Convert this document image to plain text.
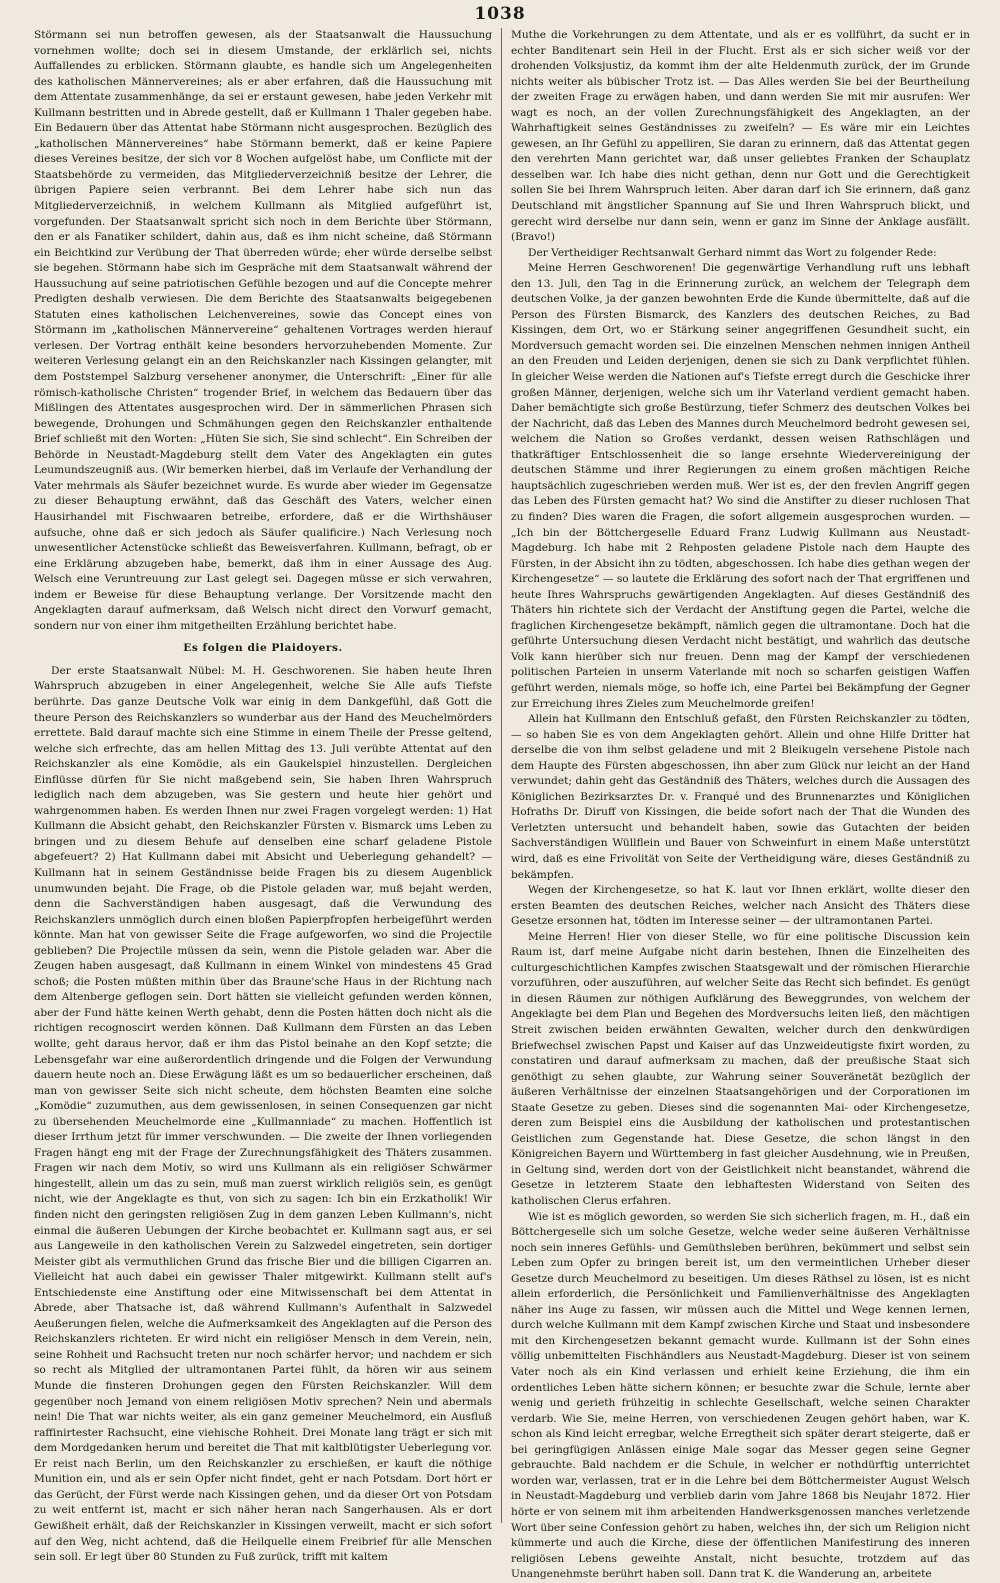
1038

Störmann sei nun betroffen gewesen, als der Staatsanwalt die Haussuchung vornehmen wollte; doch sei in diesem Umstande, der erklärlich sei, nichts Auffallendes zu erblicken. Störmann glaubte, es handle sich um Angelegenheiten des katholischen Männervereines; als er aber erfahren, daß die Haussuchung mit dem Attentate zusammenhänge, da sei er erstaunt gewesen, habe jeden Verkehr mit Kullmann bestritten und in Abrede gestellt, daß er Kullmann 1 Thaler gegeben habe. Ein Bedauern über das Attentat habe Störmann nicht ausgesprochen. Bezüglich des „katholischen Männervereines“ habe Störmann bemerkt, daß er keine Papiere dieses Vereines besitze, der sich vor 8 Wochen aufgelöst habe, um Conflicte mit der Staatsbehörde zu vermeiden, das Mitgliederverzeichniß besitze der Lehrer, die übrigen Papiere seien verbrannt. Bei dem Lehrer habe sich nun das Mitgliederverzeichniß, in welchem Kullmann als Mitglied aufgeführt ist, vorgefunden. Der Staatsanwalt spricht sich noch in dem Berichte über Störmann, den er als Fanatiker schildert, dahin aus, daß es ihm nicht scheine, daß Störmann ein Beichtkind zur Verübung der That überreden würde; eher würde derselbe selbst sie begehen. Störmann habe sich im Gespräche mit dem Staatsanwalt während der Haussuchung auf seine patriotischen Gefühle bezogen und auf die Concepte mehrer Predigten deshalb verwiesen. Die dem Berichte des Staatsanwalts beigegebenen Statuten eines katholischen Leichenvereines, sowie das Concept eines von Störmann im „katholischen Männervereine“ gehaltenen Vortrages werden hierauf verlesen. Der Vortrag enthält keine besonders hervorzuhebenden Momente. Zur weiteren Verlesung gelangt ein an den Reichskanzler nach Kissingen gelangter, mit dem Poststempel Salzburg versehener anonymer, die Unterschrift: „Einer für alle römisch-katholische Christen“ trogender Brief, in welchem das Bedauern über das Mißlingen des Attentates ausgesprochen wird. Der in sämmerlichen Phrasen sich bewegende, Drohungen und Schmähungen gegen den Reichskanzler enthaltende Brief schließt mit den Worten: „Hüten Sie sich, Sie sind schlecht“. Ein Schreiben der Behörde in Neustadt-Magdeburg stellt dem Vater des Angeklagten ein gutes Leumundszeugniß aus. (Wir bemerken hierbei, daß im Verlaufe der Verhandlung der Vater mehrmals als Säufer bezeichnet wurde. Es wurde aber wieder im Gegensatze zu dieser Behauptung erwähnt, daß das Geschäft des Vaters, welcher einen Hausirhandel mit Fischwaaren betreibe, erfordere, daß er die Wirthshäuser aufsuche, ohne daß er sich jedoch als Säufer qualificire.) Nach Verlesung noch unwesentlicher Actenstücke schließt das Beweisverfahren. Kullmann, befragt, ob er eine Erklärung abzugeben habe, bemerkt, daß ihm in einer Aussage des Aug. Welsch eine Veruntreuung zur Last gelegt sei. Dagegen müsse er sich verwahren, indem er Beweise für diese Behauptung verlange. Der Vorsitzende macht den Angeklagten darauf aufmerksam, daß Welsch nicht direct den Vorwurf gemacht, sondern nur von einer ihm mitgetheilten Erzählung berichtet habe.

Es folgen die Plaidoyers.

Der erste Staatsanwalt Nübel: M. H. Geschworenen. Sie haben heute Ihren Wahrspruch abzugeben in einer Angelegenheit, welche Sie Alle aufs Tiefste berührte. Das ganze Deutsche Volk war einig in dem Dankgefühl, daß Gott die theure Person des Reichskanzlers so wunderbar aus der Hand des Meuchelmörders errettete. Bald darauf machte sich eine Stimme in einem Theile der Presse geltend, welche sich erfrechte, das am hellen Mittag des 13. Juli verübte Attentat auf den Reichskanzler als eine Komödie, als ein Gaukelspiel hinzustellen. Dergleichen Einflüsse dürfen für Sie nicht maßgebend sein, Sie haben Ihren Wahrspruch lediglich nach dem abzugeben, was Sie gestern und heute hier gehört und wahrgenommen haben. Es werden Ihnen nur zwei Fragen vorgelegt werden: 1) Hat Kullmann die Absicht gehabt, den Reichskanzler Fürsten v. Bismarck ums Leben zu bringen und zu diesem Behufe auf denselben eine scharf geladene Pistole abgefeuert? 2) Hat Kullmann dabei mit Absicht und Ueberlegung gehandelt? — Kullmann hat in seinem Geständnisse beide Fragen bis zu diesem Augenblick unumwunden bejaht. Die Frage, ob die Pistole geladen war, muß bejaht werden, denn die Sachverständigen haben ausgesagt, daß die Verwundung des Reichskanzlers unmöglich durch einen bloßen Papierpfropfen herbeigeführt werden könnte. Man hat von gewisser Seite die Frage aufgeworfen, wo sind die Projectile geblieben? Die Projectile müssen da sein, wenn die Pistole geladen war. Aber die Zeugen haben ausgesagt, daß Kullmann in einem Winkel von mindestens 45 Grad schoß; die Posten müßten mithin über das Braune'sche Haus in der Richtung nach dem Altenberge geflogen sein. Dort hätten sie vielleicht gefunden werden können, aber der Fund hätte keinen Werth gehabt, denn die Posten hätten doch nicht als die richtigen recognoscirt werden können. Daß Kullmann dem Fürsten an das Leben wollte, geht daraus hervor, daß er ihm das Pistol beinahe an den Kopf setzte; die Lebensgefahr war eine außerordentlich dringende und die Folgen der Verwundung dauern heute noch an. Diese Erwägung läßt es um so bedauerlicher erscheinen, daß man von gewisser Seite sich nicht scheute, dem höchsten Beamten eine solche „Komödie“ zuzumuthen, aus dem gewissenlosen, in seinen Consequenzen gar nicht zu übersehenden Meuchelmorde eine „Kullmanniade“ zu machen. Hoffentlich ist dieser Irrthum jetzt für immer verschwunden. — Die zweite der Ihnen vorliegenden Fragen hängt eng mit der Frage der Zurechnungsfähigkeit des Thäters zusammen. Fragen wir nach dem Motiv, so wird uns Kullmann als ein religiöser Schwärmer hingestellt, allein um das zu sein, muß man zuerst wirklich religiös sein, es genügt nicht, wie der Angeklagte es thut, von sich zu sagen: Ich bin ein Erzkatholik! Wir finden nicht den geringsten religiösen Zug in dem ganzen Leben Kullmann's, nicht einmal die äußeren Uebungen der Kirche beobachtet er. Kullmann sagt aus, er sei aus Langeweile in den katholischen Verein zu Salzwedel eingetreten, sein dortiger Meister gibt als vermuthlichen Grund das frische Bier und die billigen Cigarren an. Vielleicht hat auch dabei ein gewisser Thaler mitgewirkt. Kullmann stellt auf's Entschiedenste eine Anstiftung oder eine Mitwissenschaft bei dem Attentat in Abrede, aber Thatsache ist, daß während Kullmann's Aufenthalt in Salzwedel Aeußerungen fielen, welche die Aufmerksamkeit des Angeklagten auf die Person des Reichskanzlers richteten. Er wird nicht ein religiöser Mensch in dem Verein, nein, seine Rohheit und Rachsucht treten nur noch schärfer hervor; und nachdem er sich so recht als Mitglied der ultramontanen Partei fühlt, da hören wir aus seinem Munde die finsteren Drohungen gegen den Fürsten Reichskanzler. Will dem gegenüber noch Jemand von einem religiösen Motiv sprechen? Nein und abermals nein! Die That war nichts weiter, als ein ganz gemeiner Meuchelmord, ein Ausfluß raffinirtester Rachsucht, eine viehische Rohheit. Drei Monate lang trägt er sich mit dem Mordgedanken herum und bereitet die That mit kaltblütigster Ueberlegung vor. Er reist nach Berlin, um den Reichskanzler zu erschießen, er kauft die nöthige Munition ein, und als er sein Opfer nicht findet, geht er nach Potsdam. Dort hört er das Gerücht, der Fürst werde nach Kissingen gehen, und da dieser Ort von Potsdam zu weit entfernt ist, macht er sich näher heran nach Sangerhausen. Als er dort Gewißheit erhält, daß der Reichskanzler in Kissingen verweilt, macht er sich sofort auf den Weg, nicht achtend, daß die Heilquelle einem Freibrief für alle Menschen sein soll. Er legt über 80 Stunden zu Fuß zurück, trifft mit kaltem

Muthe die Vorkehrungen zu dem Attentate, und als er es vollführt, da sucht er in echter Banditenart sein Heil in der Flucht. Erst als er sich sicher weiß vor der drohenden Volksjustiz, da kommt ihm der alte Heldenmuth zurück, der im Grunde nichts weiter als bübischer Trotz ist. — Das Alles werden Sie bei der Beurtheilung der zweiten Frage zu erwägen haben, und dann werden Sie mit mir ausrufen: Wer wagt es noch, an der vollen Zurechnungsfähigkeit des Angeklagten, an der Wahrhaftigkeit seines Geständnisses zu zweifeln? — Es wäre mir ein Leichtes gewesen, an Ihr Gefühl zu appelliren, Sie daran zu erinnern, daß das Attentat gegen den verehrten Mann gerichtet war, daß unser geliebtes Franken der Schauplatz desselben war. Ich habe dies nicht gethan, denn nur Gott und die Gerechtigkeit sollen Sie bei Ihrem Wahrspruch leiten. Aber daran darf ich Sie erinnern, daß ganz Deutschland mit ängstlicher Spannung auf Sie und Ihren Wahrspruch blickt, und gerecht wird derselbe nur dann sein, wenn er ganz im Sinne der Anklage ausfällt. (Bravo!)

Der Vertheidiger Rechtsanwalt Gerhard nimmt das Wort zu folgender Rede:

Meine Herren Geschworenen! Die gegenwärtige Verhandlung ruft uns lebhaft den 13. Juli, den Tag in die Erinnerung zurück, an welchem der Telegraph dem deutschen Volke, ja der ganzen bewohnten Erde die Kunde übermittelte, daß auf die Person des Fürsten Bismarck, des Kanzlers des deutschen Reiches, zu Bad Kissingen, dem Ort, wo er Stärkung seiner angegriffenen Gesundheit sucht, ein Mordversuch gemacht worden sei. Die einzelnen Menschen nehmen innigen Antheil an den Freuden und Leiden derjenigen, denen sie sich zu Dank verpflichtet fühlen. In gleicher Weise werden die Nationen auf's Tiefste erregt durch die Geschicke ihrer großen Männer, derjenigen, welche sich um ihr Vaterland verdient gemacht haben. Daher bemächtigte sich große Bestürzung, tiefer Schmerz des deutschen Volkes bei der Nachricht, daß das Leben des Mannes durch Meuchelmord bedroht gewesen sei, welchem die Nation so Großes verdankt, dessen weisen Rathschlägen und thatkräftiger Entschlossenheit die so lange ersehnte Wiedervereinigung der deutschen Stämme und ihrer Regierungen zu einem großen mächtigen Reiche hauptsächlich zugeschrieben werden muß. Wer ist es, der den frevlen Angriff gegen das Leben des Fürsten gemacht hat? Wo sind die Anstifter zu dieser ruchlosen That zu finden? Dies waren die Fragen, die sofort allgemein ausgesprochen wurden. — „Ich bin der Böttchergeselle Eduard Franz Ludwig Kullmann aus Neustadt-Magdeburg. Ich habe mit 2 Rehposten geladene Pistole nach dem Haupte des Fürsten, in der Absicht ihn zu tödten, abgeschossen. Ich habe dies gethan wegen der Kirchengesetze“ — so lautete die Erklärung des sofort nach der That ergriffenen und heute Ihres Wahrspruchs gewärtigenden Angeklagten. Auf dieses Geständniß des Thäters hin richtete sich der Verdacht der Anstiftung gegen die Partei, welche die fraglichen Kirchengesetze bekämpft, nämlich gegen die ultramontane. Doch hat die geführte Untersuchung diesen Verdacht nicht bestätigt, und wahrlich das deutsche Volk kann hierüber sich nur freuen. Denn mag der Kampf der verschiedenen politischen Parteien in unserm Vaterlande mit noch so scharfen geistigen Waffen geführt werden, niemals möge, so hoffe ich, eine Partei bei Bekämpfung der Gegner zur Erreichung ihres Zieles zum Meuchelmorde greifen!

Allein hat Kullmann den Entschluß gefaßt, den Fürsten Reichskanzler zu tödten, — so haben Sie es von dem Angeklagten gehört. Allein und ohne Hilfe Dritter hat derselbe die von ihm selbst geladene und mit 2 Bleikugeln versehene Pistole nach dem Haupte des Fürsten abgeschossen, ihn aber zum Glück nur leicht an der Hand verwundet; dahin geht das Geständniß des Thäters, welches durch die Aussagen des Königlichen Bezirksarztes Dr. v. Franqué und des Brunnenarztes und Königlichen Hofraths Dr. Diruff von Kissingen, die beide sofort nach der That die Wunden des Verletzten untersucht und behandelt haben, sowie das Gutachten der beiden Sachverständigen Wüllflein und Bauer von Schweinfurt in einem Maße unterstützt wird, daß es eine Frivolität von Seite der Vertheidigung wäre, dieses Geständniß zu bekämpfen.

Wegen der Kirchengesetze, so hat K. laut vor Ihnen erklärt, wollte dieser den ersten Beamten des deutschen Reiches, welcher nach Ansicht des Thäters diese Gesetze ersonnen hat, tödten im Interesse seiner — der ultramontanen Partei.

Meine Herren! Hier von dieser Stelle, wo für eine politische Discussion kein Raum ist, darf meine Aufgabe nicht darin bestehen, Ihnen die Einzelheiten des culturgeschichtlichen Kampfes zwischen Staatsgewalt und der römischen Hierarchie vorzuführen, oder auszuführen, auf welcher Seite das Recht sich befindet. Es genügt in diesen Räumen zur nöthigen Aufklärung des Beweggrundes, von welchem der Angeklagte bei dem Plan und Begehen des Mordversuchs leiten ließ, den mächtigen Streit zwischen beiden erwähnten Gewalten, welcher durch den denkwürdigen Briefwechsel zwischen Papst und Kaiser auf das Unzweideutigste fixirt worden, zu constatiren und darauf aufmerksam zu machen, daß der preußische Staat sich genöthigt zu sehen glaubte, zur Wahrung seiner Souveränetät bezüglich der äußeren Verhältnisse der einzelnen Staatsangehörigen und der Corporationen im Staate Gesetze zu geben. Dieses sind die sogenannten Mai- oder Kirchengesetze, deren zum Beispiel eins die Ausbildung der katholischen und protestantischen Geistlichen zum Gegenstande hat. Diese Gesetze, die schon längst in den Königreichen Bayern und Württemberg in fast gleicher Ausdehnung, wie in Preußen, in Geltung sind, werden dort von der Geistlichkeit nicht beanstandet, während die Gesetze in letzterem Staate den lebhaftesten Widerstand von Seiten des katholischen Clerus erfahren.

Wie ist es möglich geworden, so werden Sie sich sicherlich fragen, m. H., daß ein Böttchergeselle sich um solche Gesetze, welche weder seine äußeren Verhältnisse noch sein inneres Gefühls- und Gemüthsleben berühren, bekümmert und selbst sein Leben zum Opfer zu bringen bereit ist, um den vermeintlichen Urheber dieser Gesetze durch Meuchelmord zu beseitigen. Um dieses Räthsel zu lösen, ist es nicht allein erforderlich, die Persönlichkeit und Familienverhältnisse des Angeklagten näher ins Auge zu fassen, wir müssen auch die Mittel und Wege kennen lernen, durch welche Kullmann mit dem Kampf zwischen Kirche und Staat und insbesondere mit den Kirchengesetzen bekannt gemacht wurde. Kullmann ist der Sohn eines völlig unbemittelten Fischhändlers aus Neustadt-Magdeburg. Dieser ist von seinem Vater noch als ein Kind verlassen und erhielt keine Erziehung, die ihm ein ordentliches Leben hätte sichern können; er besuchte zwar die Schule, lernte aber wenig und gerieth frühzeitig in schlechte Gesellschaft, welche seinen Charakter verdarb. Wie Sie, meine Herren, von verschiedenen Zeugen gehört haben, war K. schon als Kind leicht erregbar, welche Erregtheit sich später derart steigerte, daß er bei geringfügigen Anlässen einige Male sogar das Messer gegen seine Gegner gebrauchte. Bald nachdem er die Schule, in welcher er nothdürftig unterrichtet worden war, verlassen, trat er in die Lehre bei dem Böttchermeister August Welsch in Neustadt-Magdeburg und verblieb darin vom Jahre 1868 bis Neujahr 1872. Hier hörte er von seinem mit ihm arbeitenden Handwerksgenossen manches verletzende Wort über seine Confession gehört zu haben, welches ihn, der sich um Religion nicht kümmerte und auch die Kirche, diese der öffentlichen Manifestirung des inneren religiösen Lebens geweihte Anstalt, nicht besuchte, trotzdem auf das Unangenehmste berührt haben soll. Dann trat K. die Wanderung an, arbeitete
